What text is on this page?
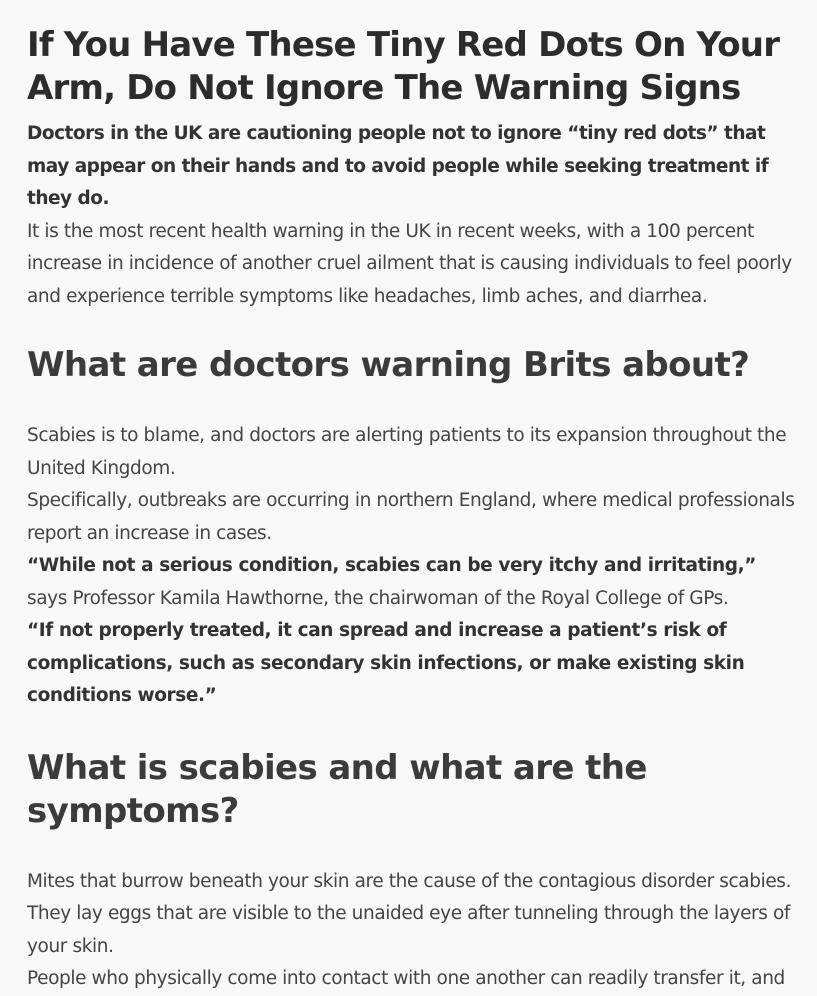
If You Have These Tiny Red Dots On Your Arm, Do Not Ignore The Warning Signs

Doctors in the UK are cautioning people not to ignore “tiny red dots” that may appear on their hands and to avoid people while seeking treatment if they do.

It is the most recent health warning in the UK in recent weeks, with a 100 percent increase in incidence of another cruel ailment that is causing individuals to feel poorly and experience terrible symptoms like headaches, limb aches, and diarrhea.

What are doctors warning Brits about?

Scabies is to blame, and doctors are alerting patients to its expansion throughout the United Kingdom.

Specifically, outbreaks are occurring in northern England, where medical professionals report an increase in cases.

“While not a serious condition, scabies can be very itchy and irritating,” says Professor Kamila Hawthorne, the chairwoman of the Royal College of GPs.

“If not properly treated, it can spread and increase a patient’s risk of complications, such as secondary skin infections, or make existing skin conditions worse.”

What is scabies and what are the symptoms?

Mites that burrow beneath your skin are the cause of the contagious disorder scabies. They lay eggs that are visible to the unaided eye after tunneling through the layers of your skin.

People who physically come into contact with one another can readily transfer it, and
